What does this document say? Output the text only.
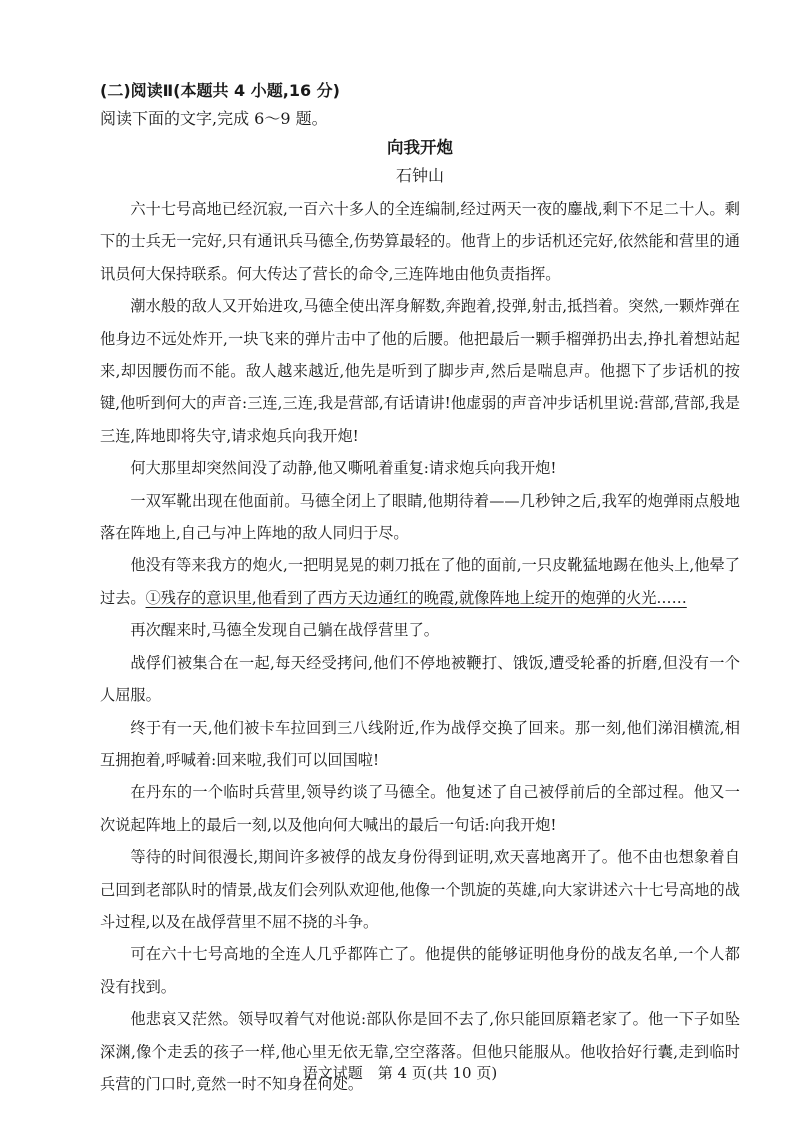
(二)阅读Ⅱ(本题共 4 小题,16 分)

阅读下面的文字,完成 6～9 题。

向我开炮

石钟山

六十七号高地已经沉寂,一百六十多人的全连编制,经过两天一夜的鏖战,剩下不足二十人。剩下的士兵无一完好,只有通讯兵马德全,伤势算最轻的。他背上的步话机还完好,依然能和营里的通讯员何大保持联系。何大传达了营长的命令,三连阵地由他负责指挥。

潮水般的敌人又开始进攻,马德全使出浑身解数,奔跑着,投弹,射击,抵挡着。突然,一颗炸弹在他身边不远处炸开,一块飞来的弹片击中了他的后腰。他把最后一颗手榴弹扔出去,挣扎着想站起来,却因腰伤而不能。敌人越来越近,他先是听到了脚步声,然后是喘息声。他摁下了步话机的按键,他听到何大的声音:三连,三连,我是营部,有话请讲!他虚弱的声音冲步话机里说:营部,营部,我是三连,阵地即将失守,请求炮兵向我开炮!

何大那里却突然间没了动静,他又嘶吼着重复:请求炮兵向我开炮!

一双军靴出现在他面前。马德全闭上了眼睛,他期待着——几秒钟之后,我军的炮弹雨点般地落在阵地上,自己与冲上阵地的敌人同归于尽。

他没有等来我方的炮火,一把明晃晃的刺刀抵在了他的面前,一只皮靴猛地踢在他头上,他晕了过去。①残存的意识里,他看到了西方天边通红的晚霞,就像阵地上绽开的炮弹的火光……

再次醒来时,马德全发现自己躺在战俘营里了。

战俘们被集合在一起,每天经受拷问,他们不停地被鞭打、饿饭,遭受轮番的折磨,但没有一个人屈服。

终于有一天,他们被卡车拉回到三八线附近,作为战俘交换了回来。那一刻,他们涕泪横流,相互拥抱着,呼喊着:回来啦,我们可以回国啦!

在丹东的一个临时兵营里,领导约谈了马德全。他复述了自己被俘前后的全部过程。他又一次说起阵地上的最后一刻,以及他向何大喊出的最后一句话:向我开炮!

等待的时间很漫长,期间许多被俘的战友身份得到证明,欢天喜地离开了。他不由也想象着自己回到老部队时的情景,战友们会列队欢迎他,他像一个凯旋的英雄,向大家讲述六十七号高地的战斗过程,以及在战俘营里不屈不挠的斗争。

可在六十七号高地的全连人几乎都阵亡了。他提供的能够证明他身份的战友名单,一个人都没有找到。

他悲哀又茫然。领导叹着气对他说:部队你是回不去了,你只能回原籍老家了。他一下子如坠深渊,像个走丢的孩子一样,他心里无依无靠,空空落落。但他只能服从。他收拾好行囊,走到临时兵营的门口时,竟然一时不知身在何处。

语文试题　第 4 页(共 10 页)
